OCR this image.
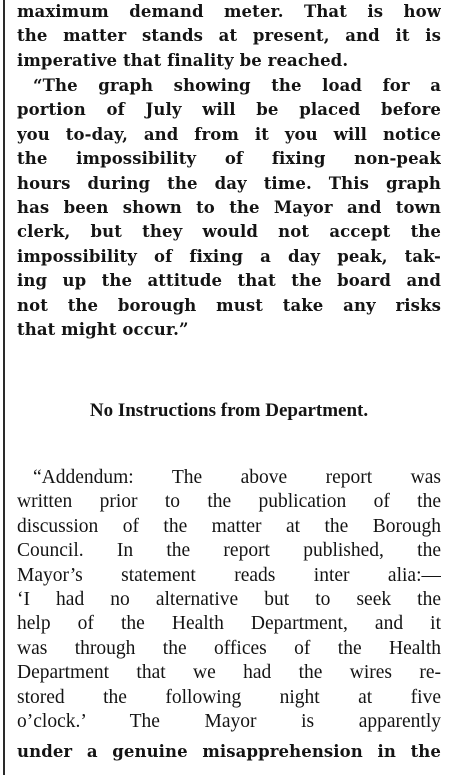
maximum demand meter. That is how
the matter stands at present, and it is
imperative that finality be reached.
“The graph showing the load for a
portion of July will be placed before
you to-day, and from it you will notice
the impossibility of fixing non-peak
hours during the day time. This graph
has been shown to the Mayor and town
clerk, but they would not accept the
impossibility of fixing a day peak, tak-
ing up the attitude that the board and
not the borough must take any risks
that might occur.”
No Instructions from Department.
“Addendum: The above report was
written prior to the publication of the
discussion of the matter at the Borough
Council. In the report published, the
Mayor’s statement reads inter alia:—
‘I had no alternative but to seek the
help of the Health Department, and it
was through the offices of the Health
Department that we had the wires re-
stored the following night at five
o’clock.’ The Mayor is apparently
under a genuine misapprehension in the
